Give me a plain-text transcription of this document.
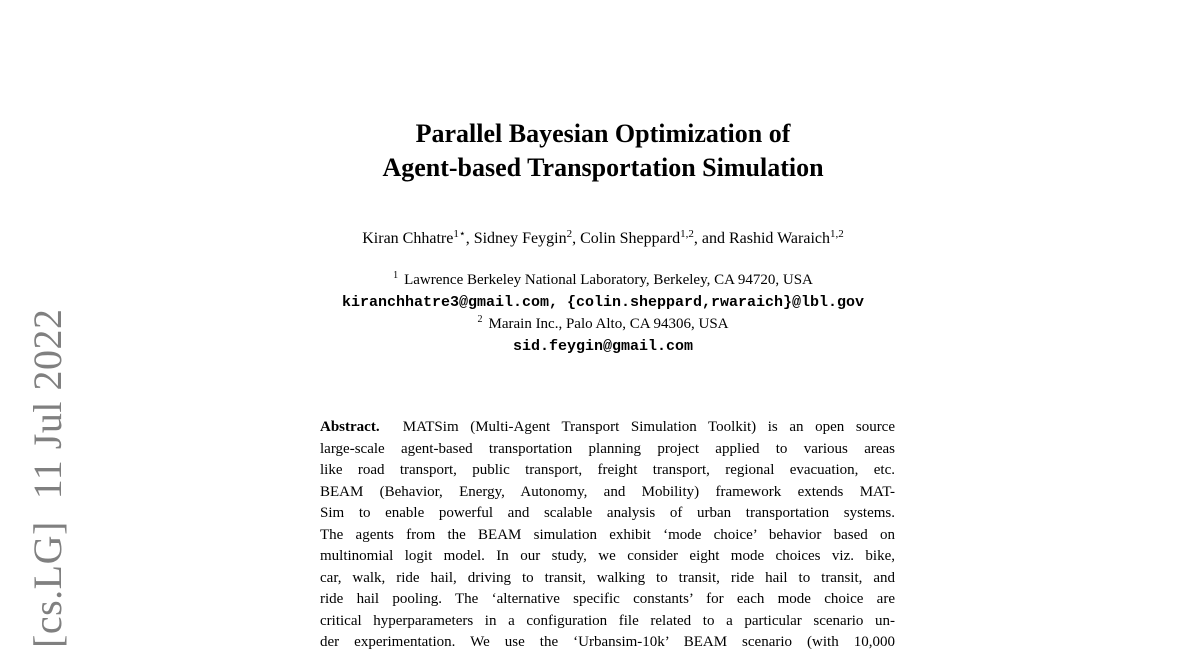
[cs.LG]11 Jul 2022
Parallel Bayesian Optimization of
Agent-based Transportation Simulation
Kiran Chhatre$^{1⋆}$, Sidney Feygin$^2$, Colin Sheppard$^{1,2}$, and Rashid Waraich$^{1,2}$
$^1$ Lawrence Berkeley National Laboratory, Berkeley, CA 94720, USA
kiranchhatre3@gmail.com, {colin.sheppard,rwaraich}@lbl.gov
$^2$ Marain Inc., Palo Alto, CA 94306, USA
sid.feygin@gmail.com
Abstract. MATSim (Multi-Agent Transport Simulation Toolkit) is an open source
large-scale agent-based transportation planning project applied to various areas
like road transport, public transport, freight transport, regional evacuation, etc.
BEAM (Behavior, Energy, Autonomy, and Mobility) framework extends MAT-
Sim to enable powerful and scalable analysis of urban transportation systems.
The agents from the BEAM simulation exhibit ‘mode choice’ behavior based on
multinomial logit model. In our study, we consider eight mode choices viz. bike,
car, walk, ride hail, driving to transit, walking to transit, ride hail to transit, and
ride hail pooling. The ‘alternative specific constants’ for each mode choice are
critical hyperparameters in a configuration file related to a particular scenario un-
der experimentation. We use the ‘Urbansim-10k’ BEAM scenario (with 10,000
